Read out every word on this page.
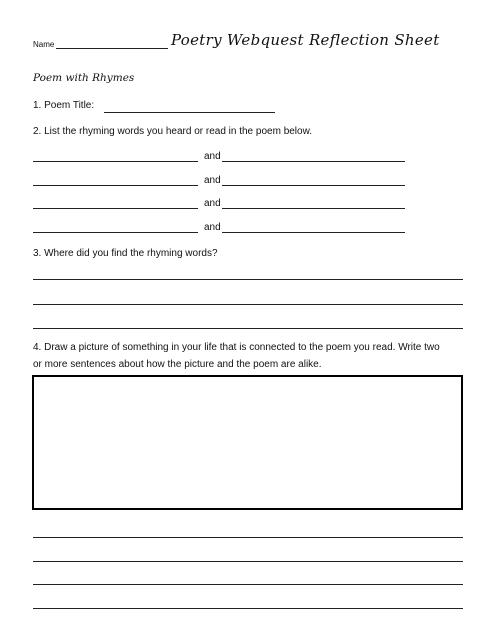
Name	Poetry Webquest Reflection Sheet
Poem with Rhymes
1. Poem Title:
2. List the rhyming words you heard or read in the poem below.
and
and
and
and
3. Where did you find the rhyming words?
4. Draw a picture of something in your life that is connected to the poem you read. Write two
or more sentences about how the picture and the poem are alike.
